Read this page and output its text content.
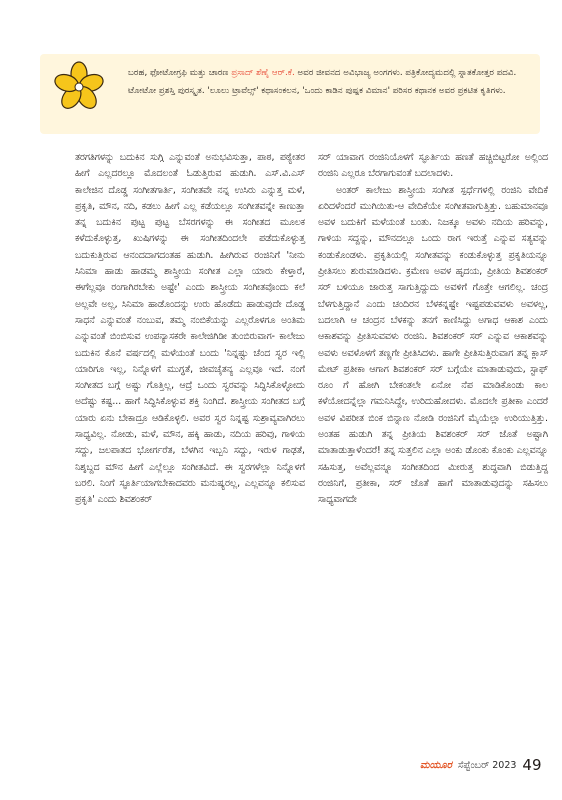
ಬರಹ, ಫೋಟೋಗ್ರಫಿ ಮತ್ತು ಚಾರಣ ಪ್ರಸಾದ್ ಶೆಣೈ ಆರ್.ಕೆ. ಅವರ ಜೀವನದ ಅವಿಭಾಜ್ಯ ಅಂಗಗಳು. ಪತ್ರಿಕೋದ್ಯಮದಲ್ಲಿ ಸ್ನಾತಕೋತ್ತರ ಪದವಿ. ಟೋಟೋ ಪ್ರಶಸ್ತಿ ಪುರಸ್ಕೃತ. 'ಲೂಲು ಟ್ರಾವೆಲ್ಸ್' ಕಥಾಸಂಕಲನ, 'ಒಂದು ಕಾಡಿನ ಪುಷ್ಪಕ ವಿಮಾನ' ಪರಿಸರ ಕಥಾನಕ ಅವರ ಪ್ರಕಟಿತ ಕೃತಿಗಳು.

ತರಗತಿಗಳನ್ನು ಬದುಕಿನ ಸುಗ್ಗಿ ಎನ್ನುವಂತೆ ಅನುಭವಿಸುತ್ತಾ, ಪಾಠ, ಪಠ್ಯೇತರ ಹೀಗೆ ಎಲ್ಲದರಲ್ಲೂ ಮೊದಲಂತೆ ಓಡುತ್ತಿರುವ ಹುಡುಗಿ. ಎಸ್.ವಿ.ಎಸ್ ಕಾಲೇಜಿನ ದೊಡ್ಡ ಸಂಗೀತಗಾರ್ತಿ, ಸಂಗೀತವೇ ನನ್ನ ಉಸಿರು ಎನ್ನುತ್ತ ಮಳೆ, ಪ್ರಕೃತಿ, ಮೌನ, ನದಿ, ಕಡಲು ಹೀಗೆ ಎಲ್ಲ ಕಡೆಯಲ್ಲೂ ಸಂಗೀತವನ್ನೇ ಕಾಣುತ್ತಾ ತನ್ನ ಬದುಕಿನ ಪುಟ್ಟ ಪುಟ್ಟ ಬೆಸರಗಳನ್ನು ಈ ಸಂಗೀತದ ಮೂಲಕ ಕಳೆದುಕೊಳ್ಳುತ್ತ, ಖುಷಿಗಳನ್ನು ಈ ಸಂಗೀತದಿಂದಲೇ ಪಡೆದುಕೊಳ್ಳುತ್ತ ಬದುಕುತ್ತಿರುವ ಆನಂದದಾಗದಂತಹ ಹುಡುಗಿ. ಹೀಗಿರುವ ರಂಜಿನಿಗೆ 'ನೀನು ಸಿನಿಮಾ ಹಾಡು ಹಾಡಮ್ಮ ಶಾಸ್ತ್ರೀಯ ಸಂಗೀತ ಎಲ್ಲಾ ಯಾರು ಕೇಳ್ತಾರೆ, ಈಗೆಲ್ಲವೂ ರಂಗಾಗಿರಬೇಕು ಅಷ್ಟೇ' ಎಂದು ಶಾಸ್ತ್ರೀಯ ಸಂಗೀತವೊಂದು ಕಲೆ ಅಲ್ಲವೇ ಅಲ್ಲ, ಸಿನಿಮಾ ಹಾಡೊಂದನ್ನು ಉರು ಹೊಡೆದು ಹಾಡುವುದೇ ದೊಡ್ಡ ಸಾಧನೆ ಎನ್ನುವಂತೆ ನಂಬುವ, ತಮ್ಮ ನಂಬಿಕೆಯನ್ನು ಎಲ್ಲರೊಳಗೂ ಅಂತಿಮ ಎನ್ನುವಂತೆ ಬಿಂಬಿಸುವ ಉಪನ್ಯಾಸಕರೇ ಕಾಲೇಜಿಗಿಡೀ ತುಂಬಿರುವಾಗ- ಕಾಲೇಜು ಬದುಕಿನ ಕೊನೆ ವರ್ಷದಲ್ಲಿ ಮಳೆಯಂತೆ ಬಂದು 'ನಿನ್ನಷ್ಟು ಚೆಂದ ಸ್ವರ ಇಲ್ಲಿ ಯಾರಿಗೂ ಇಲ್ಲ, ನಿನ್ನೊಳಗೆ ಮುಗ್ಧತೆ, ಜೀವಚೈತನ್ಯ ಎಲ್ಲವೂ ಇದೆ. ನಂಗೆ ಸಂಗೀತದ ಬಗ್ಗೆ ಅಷ್ಟು ಗೊತ್ತಿಲ್ಲ, ಆದ್ರೆ ಒಂದು ಸ್ವರವನ್ನು ಸಿದ್ಧಿಸಿಕೊಳ್ಳೋದು ಅದೆಷ್ಟು ಕಷ್ಟ... ಹಾಗೆ ಸಿದ್ಧಿಸಿಕೊಳ್ಳುವ ಶಕ್ತಿ ನಿಂಗಿದೆ. ಶಾಸ್ತ್ರೀಯ ಸಂಗೀತದ ಬಗ್ಗೆ ಯಾರು ಏನು ಬೇಕಾದ್ರೂ ಆಡಿಕೊಳ್ಳಲಿ. ಅವರ ಸ್ವರ ನಿನ್ನಷ್ಟ ಸುಶ್ರಾವ್ಯವಾಗಿರಲು ಸಾಧ್ಯವಿಲ್ಲ. ನೋಡು, ಮಳೆ, ಮೌನ, ಹಕ್ಕಿ ಹಾಡು, ನದಿಯ ಹರಿವು, ಗಾಳಿಯ ಸದ್ದು, ಜಲಪಾತದ ಭೋರ್ಗರೆತ, ಬೆಳಗಿನ ಇಬ್ಬನಿ ಸದ್ದು, ಇರುಳ ಗಾಢತೆ, ನಿಶ್ಶಬ್ದದ ಮೌನ ಹೀಗೆ ಎಲ್ಲೆಲ್ಲೂ ಸಂಗೀತವಿದೆ. ಈ ಸ್ವರಗಳೆಲ್ಲಾ ನಿನ್ನೊಳಗೆ ಬರಲಿ. ನಿಂಗೆ ಸ್ಫೂರ್ತಿಯಾಗಬೇಕಾದವರು ಮನುಷ್ಯರಲ್ಲ, ಎಲ್ಲವನ್ನೂ ಕಲಿಸುವ ಪ್ರಕೃತಿ' ಎಂದು ಶಿವಶಂಕರ್

ಸರ್ ಯಾವಾಗ ರಂಜಿನಿಯೊಳಗೆ ಸ್ಫೂರ್ತಿಯ ಹಣತೆ ಹಚ್ಚಿಬಿಟ್ಟರೋ ಅಲ್ಲಿಂದ ರಂಜಿನಿ ಎಲ್ಲರೂ ಬೆರಗಾಗುವಂತೆ ಬದಲಾದಳು.

ಅಂತರ್ ಕಾಲೇಜು ಶಾಸ್ತ್ರೀಯ ಸಂಗೀತ ಸ್ಪರ್ಧೆಗಳಲ್ಲಿ ರಂಜಿನಿ ವೇದಿಕೆ ಏರಿದಳೆಂದರೆ ಮುಗಿಯಿತು-ಆ ವೇದಿಕೆಯೇ ಸಂಗೀತವಾಗುತ್ತಿತ್ತು. ಬಹುಮಾನವೂ ಅವಳ ಬದುಕಿಗೆ ಮಳೆಯಂತೆ ಬಂತು. ನಿಜಕ್ಕೂ ಅವಳು ನದಿಯ ಹರಿವನ್ನು, ಗಾಳಿಯ ಸದ್ದನ್ನು, ಮೌನದಲ್ಲೂ ಒಂದು ರಾಗ ಇರುತ್ತೆ ಎನ್ನುವ ಸತ್ಯವನ್ನು ಕಂಡುಕೊಂಡಳು. ಪ್ರಕೃತಿಯಲ್ಲಿ ಸಂಗೀತವನ್ನು ಕಂಡುಕೊಳ್ಳುತ್ತ ಪ್ರಕೃತಿಯನ್ನೂ ಪ್ರೀತಿಸಲು ಶುರುಮಾಡಿದಳು. ಕ್ರಮೇಣ ಅವಳ ಹೃದಯ, ಪ್ರೀತಿಯ ಶಿವಶಂಕರ್ ಸರ್ ಬಳಿಯೂ ಜಾರುತ್ತ ಸಾಗುತ್ತಿದ್ದುದು ಅವಳಿಗೆ ಗೊತ್ತೇ ಆಗಲಿಲ್ಲ. ಚಂದ್ರ ಬೆಳಗುತ್ತಿದ್ದಾನೆ ಎಂದು ಚಂದಿರನ ಬೆಳಕನ್ನಷ್ಟೇ ಇಷ್ಟಪಡುವವಳು ಅವಳಲ್ಲ, ಬದಲಾಗಿ ಆ ಚಂದ್ರನ ಬೆಳಕನ್ನು ತನಗೆ ಕಾಣಿಸಿದ್ದು ಅಗಾಧ ಆಕಾಶ ಎಂದು ಆಕಾಶವನ್ನು ಪ್ರೀತಿಸುವವಳು ರಂಜಿನಿ. ಶಿವಶಂಕರ್ ಸರ್ ಎನ್ನುವ ಆಕಾಶವನ್ನು ಅವಳು ಅವಳೊಳಗೆ ತಣ್ಣಗೇ ಪ್ರೀತಿಸಿದಳು. ಹಾಗೇ ಪ್ರೀತಿಸುತ್ತಿರುವಾಗ ತನ್ನ ಕ್ಲಾಸ್ ಮೇಟ್ ಪ್ರತೀಕಾ ಆಗಾಗ ಶಿವಶಂಕರ್ ಸರ್ ಬಗ್ಗೆಯೇ ಮಾತಾಡುವುದು, ಸ್ಟಾಫ್ ರೂಂ ಗೆ ಹೋಗಿ ಬೇಕಂತಲೇ ಏನೋ ನೆಪ ಮಾಡಿಕೊಂಡು ಕಾಲ ಕಳೆಯೋದನ್ನೆಲ್ಲಾ ಗಮನಿಸಿದ್ದೇ, ಉರಿದುಹೋದಳು. ಮೊದಲೇ ಪ್ರತೀಕಾ ಎಂದರೆ ಅವಳ ವಿಪರೀತ ಬಿಂಕ ಬಿನ್ನಾಣ ನೋಡಿ ರಂಜಿನಿಗೆ ಮೈಯೆಲ್ಲಾ ಉರಿಯುತ್ತಿತ್ತು. ಅಂತಹ ಹುಡುಗಿ ತನ್ನ ಪ್ರೀತಿಯ ಶಿವಶಂಕರ್ ಸರ್ ಜೊತೆ ಅಷ್ಟಾಗಿ ಮಾತಾಡುತ್ತಾಳೆಂದರೆ! ತನ್ನ ಸುತ್ತಲಿನ ಎಲ್ಲಾ ಅಂಕು ಡೊಂಕು ಕೊಂಕು ಎಲ್ಲವನ್ನೂ ಸಹಿಸುತ್ತ, ಅವೆಲ್ಲವನ್ನೂ ಸಂಗೀತದಿಂದ ಮೀರುತ್ತ ಶುದ್ಧವಾಗಿ ಬಿಡುತ್ತಿದ್ದ ರಂಜಿನಿಗೆ, ಪ್ರತೀಕಾ, ಸರ್ ಜೊತೆ ಹಾಗೆ ಮಾತಾಡುವುದನ್ನು ಸಹಿಸಲು ಸಾಧ್ಯವಾಗದೇ

ಮಯೂರ ಸೆಪ್ಟೆಂಬರ್ 2023 49
